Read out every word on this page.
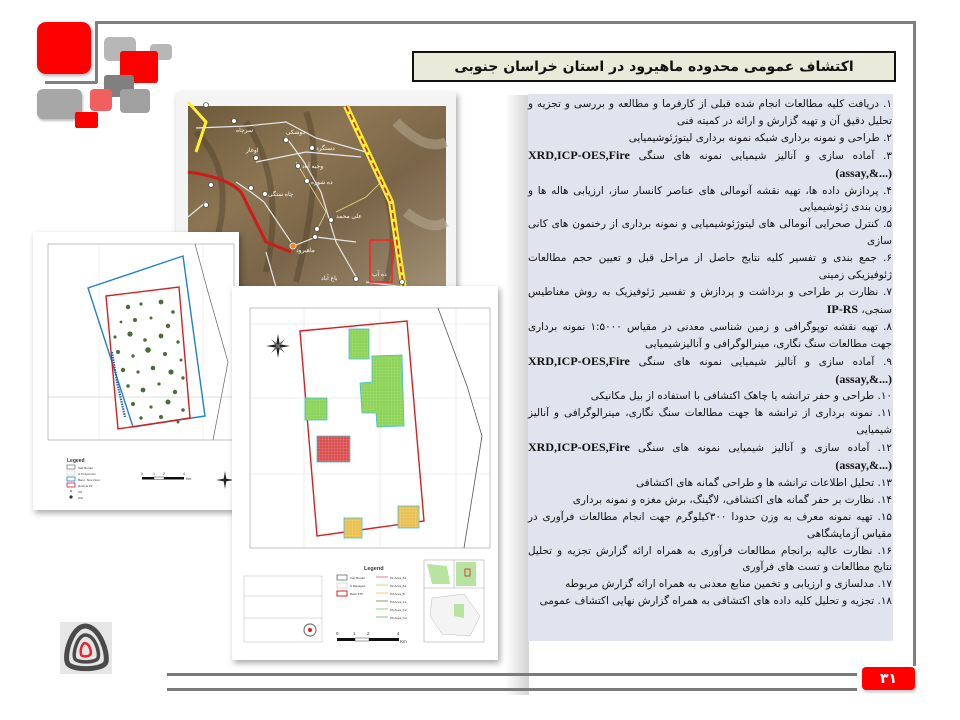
اکتشاف عمومی محدوده ماهیرود در استان خراسان جنوبی
۱. دریافت کلیه مطالعات انجام شده قبلی از کارفرما و مطالعه و بررسی و تجزیه و تحلیل دقیق آن و تهیه گزارش و ارائه در کمیته فنی
۲. طراحی و نمونه برداری شبکه نمونه برداری لیتوژئوشیمیایی
۳. آماده سازی و آنالیز شیمیایی نمونه های سنگی XRD,ICP-OES,Fire (assay,&...)
۴. پردازش داده ها، تهیه نقشه آنومالی های عناصر کانسار ساز، ارزیابی هاله ها و زون بندی ژئوشیمیایی
۵. کنترل صحرایی آنومالی های لیتوژئوشیمیایی و نمونه برداری از رخنمون های کانی سازی
۶. جمع بندی و تفسیر کلیه نتایج حاصل از مراحل قبل و تعیین حجم مطالعات ژئوفیزیکی زمینی
۷. نظارت بر طراحی و برداشت و پردازش و تفسیر ژئوفیزیک به روش مغناطیس سنجی، IP-RS
۸. تهیه نقشه توپوگرافی و زمین شناسی معدنی در مقیاس ۱:۵۰۰۰ نمونه برداری جهت مطالعات سنگ نگاری، مینرالوگرافی و آنالیزشیمیایی
۹. آماده سازی و آنالیز شیمیایی نمونه های سنگی XRD,ICP-OES,Fire (assay,&...)
۱۰. طراحی و حفر ترانشه یا چاهک اکتشافی با استفاده از بیل مکانیکی
۱۱. نمونه برداری از ترانشه ها جهت مطالعات سنگ نگاری، مینرالوگرافی و آنالیز شیمیایی
۱۲. آماده سازی و آنالیز شیمیایی نمونه های سنگی XRD,ICP-OES,Fire (assay,&...)
۱۳. تحلیل اطلاعات ترانشه ها و طراحی گمانه های اکتشافی
۱۴. نظارت بر حفر گمانه های اکتشافی، لاگینگ، برش مغزه و نمونه برداری
۱۵. تهیه نمونه معرف به وزن حدودا ۳۰۰کیلوگرم جهت انجام مطالعات فرآوری در مقیاس آزمایشگاهی
۱۶. نظارت عالیه برانجام مطالعات فرآوری به همراه ارائه گزارش تجزیه و تحلیل نتایج مطالعات و تست های فرآوری
۱۷. مدلسازی و ارزیابی و تخمین منابع معدنی به همراه ارائه گزارش مربوطه
۱۸. تجزیه و تحلیل کلیه داده های اکتشافی به همراه گزارش نهایی اکتشاف عمومی
سرچاه	جوشکی
دستگرد
اوغاز
وجیه آباد
ده شوره
چاه سنگی
علی محمد
ماهیرود
باغ آباد
ده آب
Legeed
Kab Border
G Polyconsin
Bann. Sine Dour
Rock at Pit
XS
WH
0	1 2	4
Km
Legend
Kao Border
S Managed
Bash ZTP
P1-Area_A1
P2-Area_A2
P3-Area_B
P4-Area_C1
P5-Area_C2
P6-Area_C3
0	1	2	4
Km
۳۱
